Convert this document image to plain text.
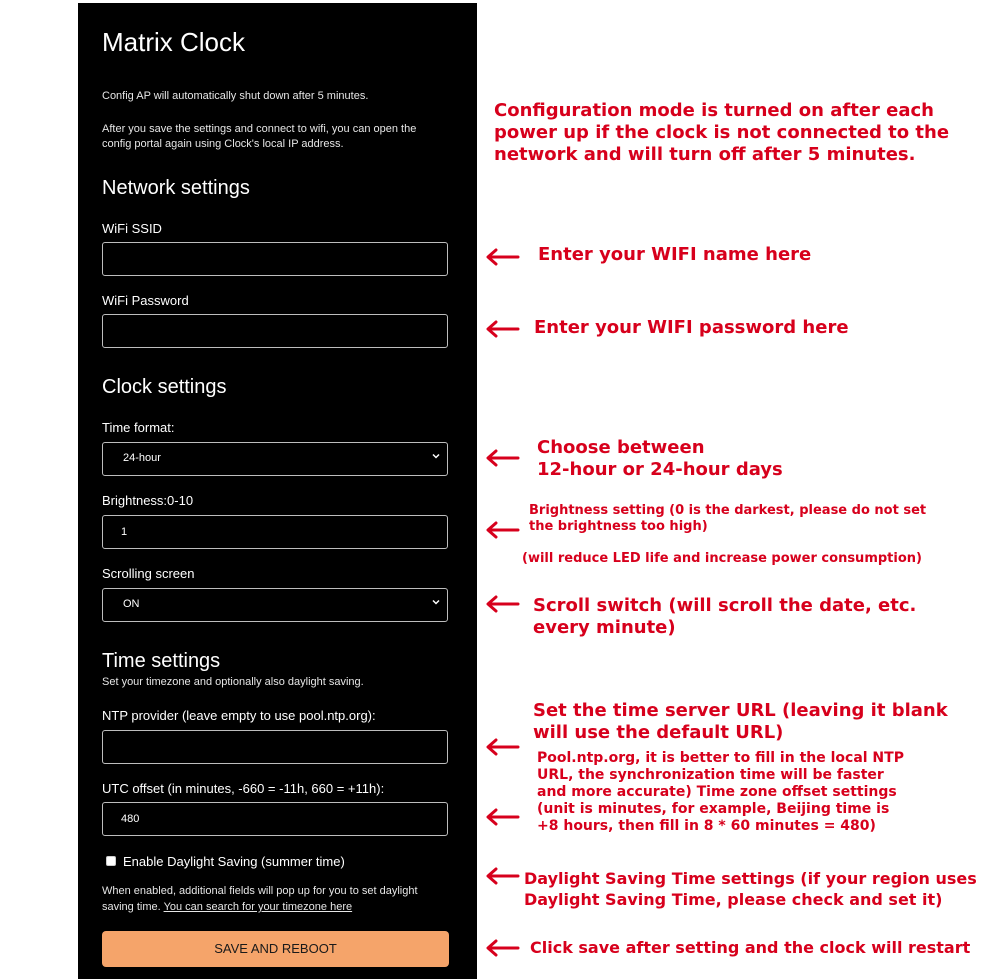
Matrix Clock
Config AP will automatically shut down after 5 minutes.
After you save the settings and connect to wifi, you can open the
config portal again using Clock's local IP address.
Network settings
WiFi SSID
WiFi Password
Clock settings
Time format:
24-hour
Brightness:0-10
1
Scrolling screen
ON
Time settings
Set your timezone and optionally also daylight saving.
NTP provider (leave empty to use pool.ntp.org):
UTC offset (in minutes, -660 = -11h, 660 = +11h):
480
Enable Daylight Saving (summer time)
When enabled, additional fields will pop up for you to set daylight
saving time. You can search for your timezone here
SAVE AND REBOOT
Configuration mode is turned on after each
power up if the clock is not connected to the
network and will turn off after 5 minutes.
Enter your WIFI name here
Enter your WIFI password here
Choose between
12-hour or 24-hour days
Brightness setting (0 is the darkest, please do not set
the brightness too high)
(will reduce LED life and increase power consumption)
Scroll switch (will scroll the date, etc.
every minute)
Set the time server URL (leaving it blank
will use the default URL)
Pool.ntp.org, it is better to fill in the local NTP
URL, the synchronization time will be faster
and more accurate) Time zone offset settings
(unit is minutes, for example, Beijing time is
+8 hours, then fill in 8 * 60 minutes = 480)
Daylight Saving Time settings (if your region uses
Daylight Saving Time, please check and set it)
Click save after setting and the clock will restart
